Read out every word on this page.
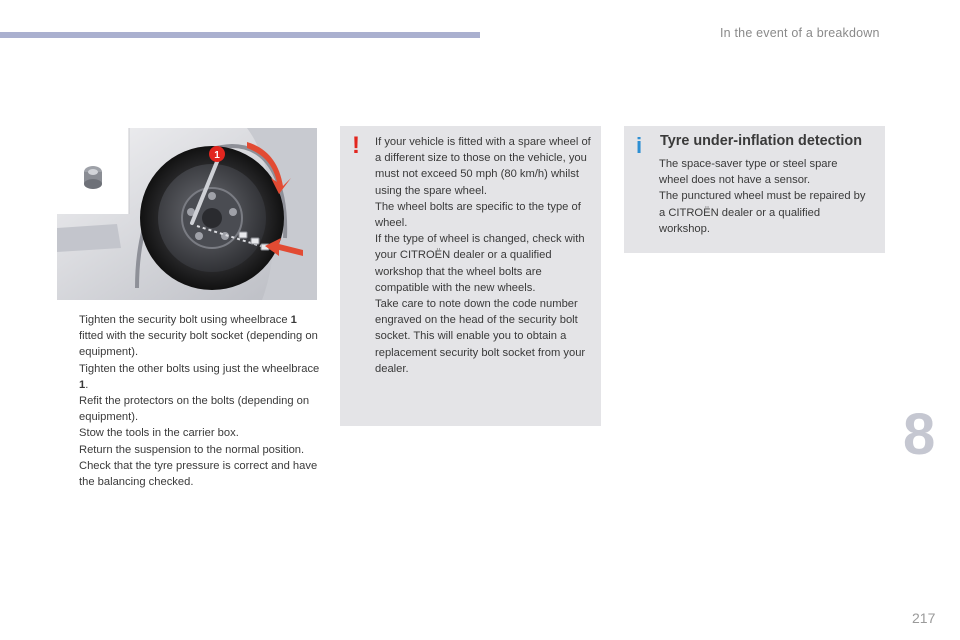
In the event of a breakdown
1
Tighten the security bolt using wheelbrace 1 fitted with the security bolt socket (depending on equipment).
Tighten the other bolts using just the wheelbrace 1.
Refit the protectors on the bolts (depending on equipment).
Stow the tools in the carrier box.
Return the suspension to the normal position.
Check that the tyre pressure is correct and have the balancing checked.
! If your vehicle is fitted with a spare wheel of a different size to those on the vehicle, you must not exceed 50 mph (80 km/h) whilst using the spare wheel.
The wheel bolts are specific to the type of wheel.
If the type of wheel is changed, check with your CITROËN dealer or a qualified workshop that the wheel bolts are compatible with the new wheels.
Take care to note down the code number engraved on the head of the security bolt socket. This will enable you to obtain a replacement security bolt socket from your dealer.
i Tyre under-inflation detection
The space-saver type or steel spare wheel does not have a sensor.
The punctured wheel must be repaired by a CITROËN dealer or a qualified workshop.
8
217
